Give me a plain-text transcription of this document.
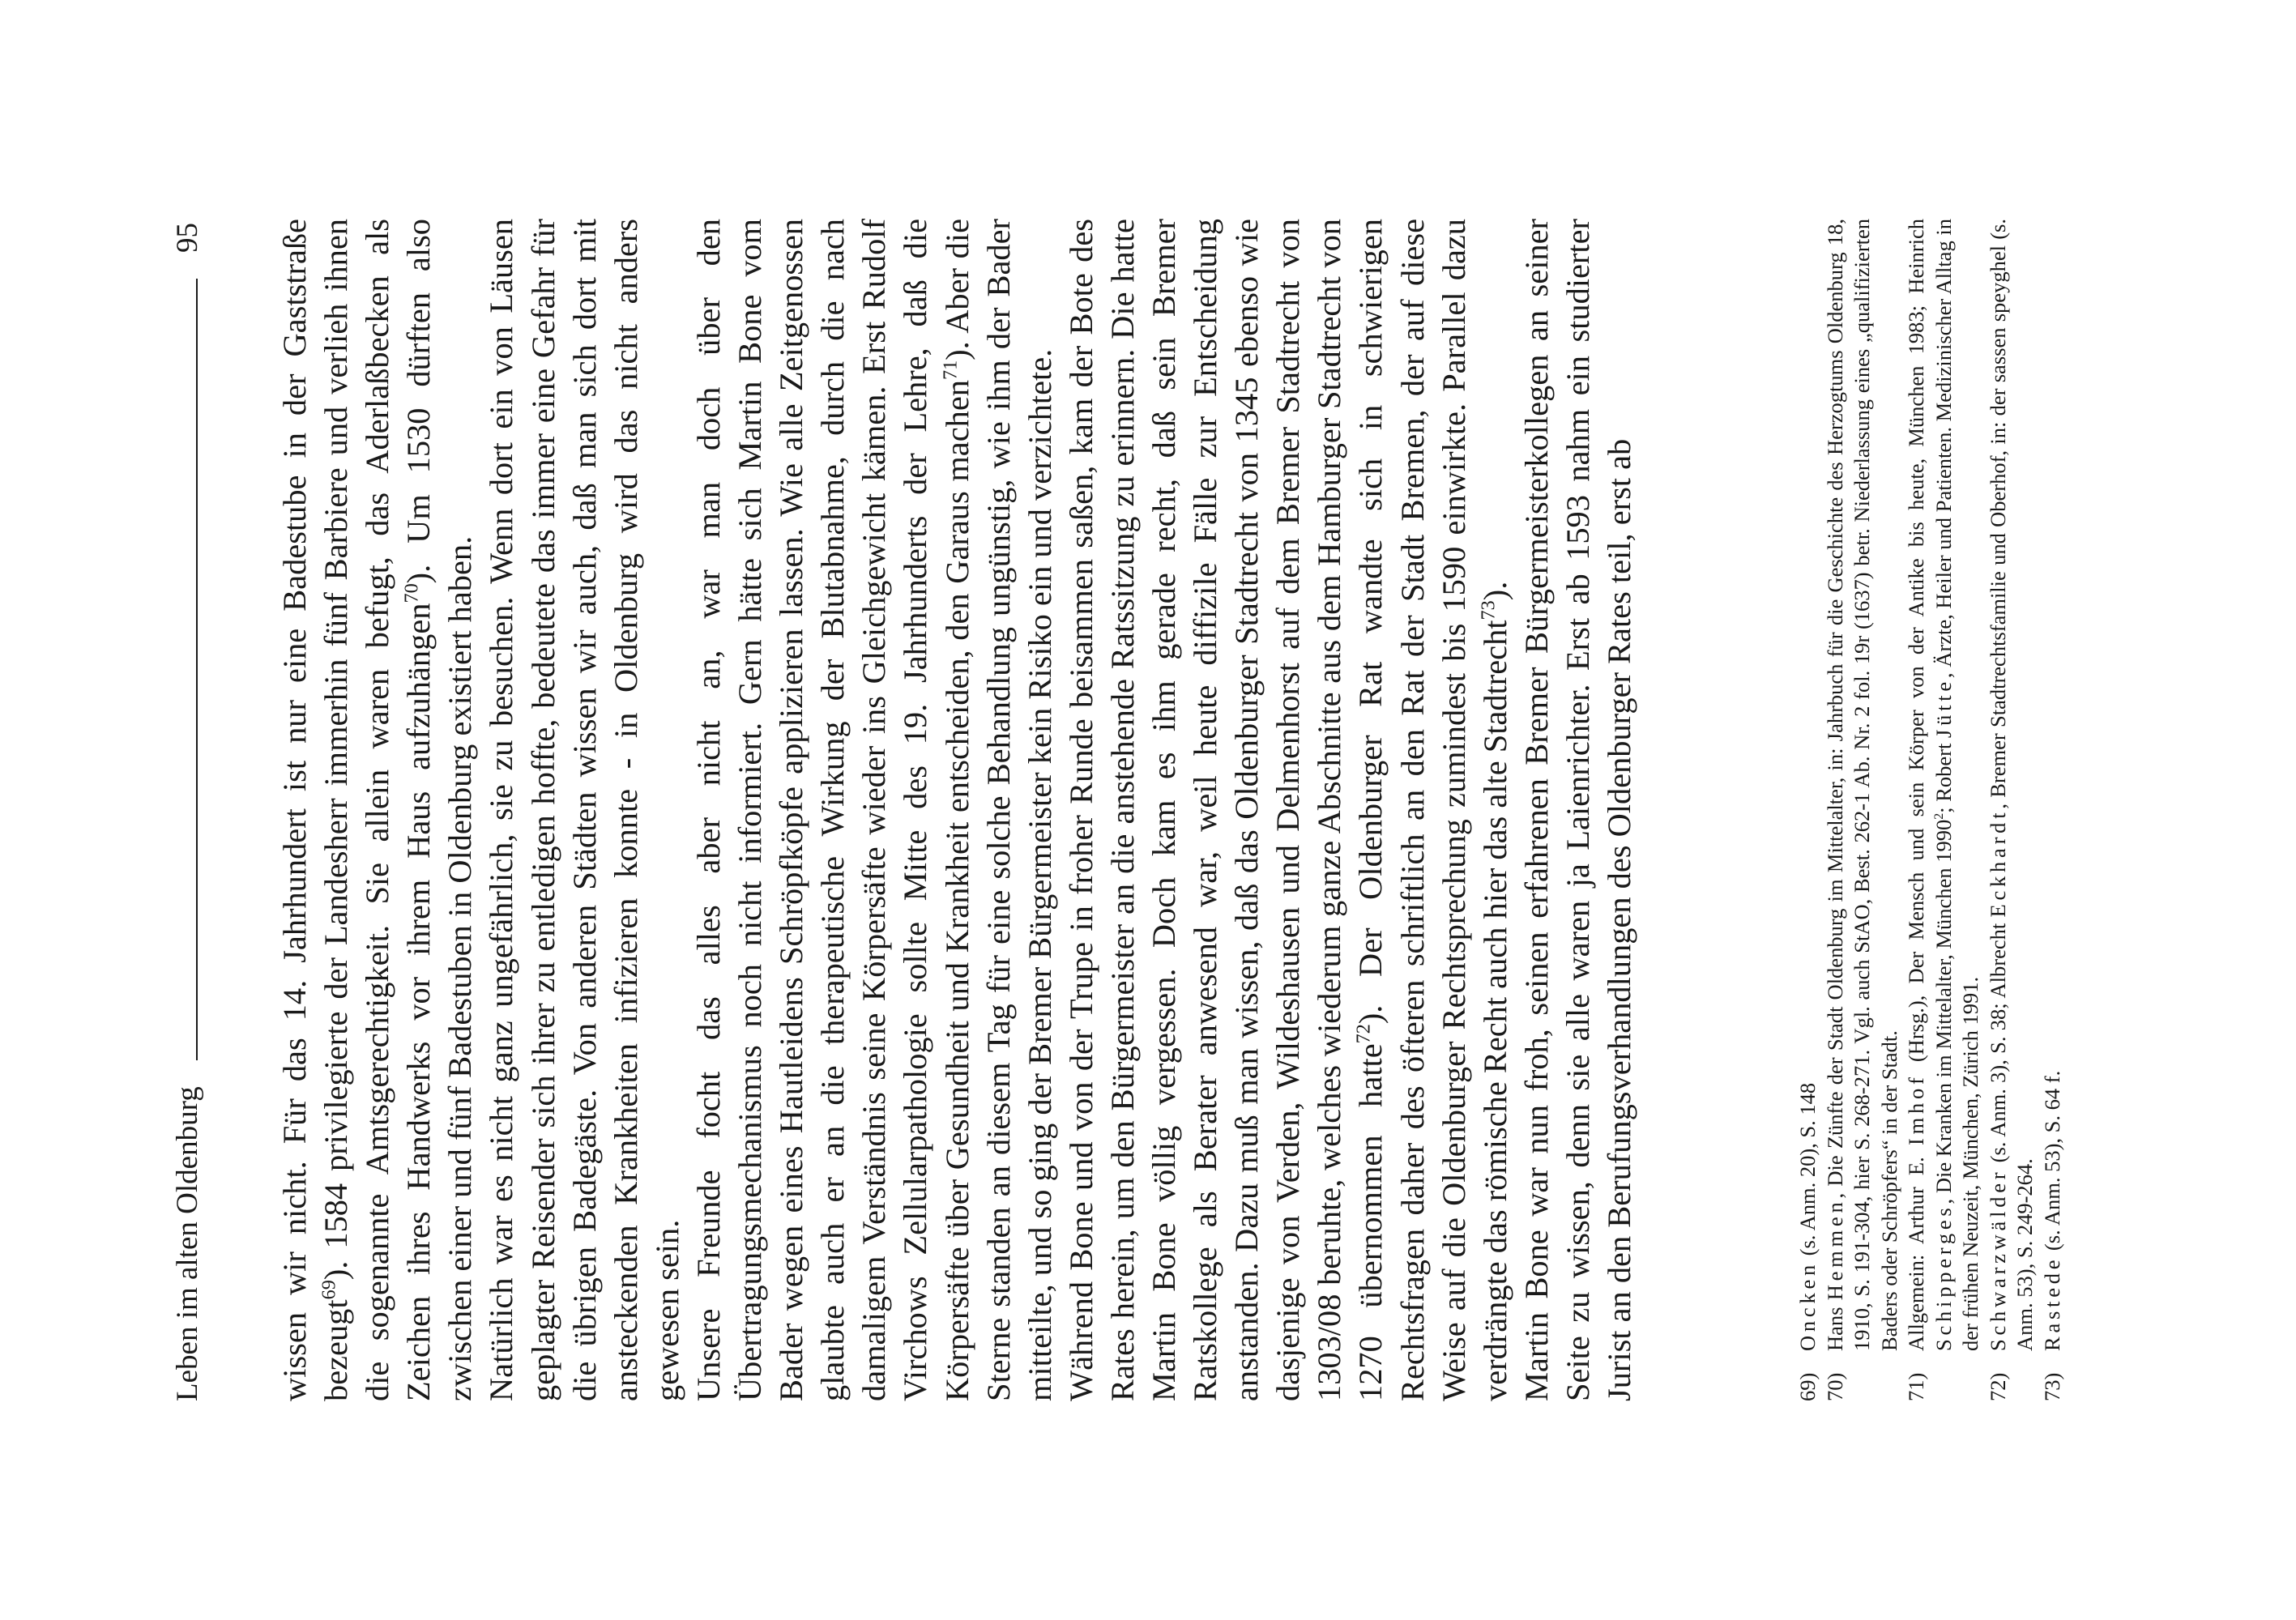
Leben im alten Oldenburg
95 wissen wir nicht. Für das 14. Jahrhundert ist nur eine Badestube in der Gaststraße bezeugt$^{69}$). 1584 privilegierte der Landesherr immerhin fünf Barbiere und verlieh ihnen die sogenannte Amtsgerechtigkeit. Sie allein waren befugt, das Aderlaßbecken als Zeichen ihres Handwerks vor ihrem Haus aufzuhängen$^{70}$). Um 1530 dürften also zwischen einer und fünf Badestuben in Oldenburg existiert haben. Natürlich war es nicht ganz ungefährlich, sie zu besuchen. Wenn dort ein von Läusen geplagter Reisender sich ihrer zu entledigen hoffte, bedeutete das immer eine Gefahr für die übrigen Badegäste. Von anderen Städten wissen wir auch, daß man sich dort mit ansteckenden Krankheiten infizieren konnte - in Oldenburg wird das nicht anders gewesen sein. Unsere Freunde focht das alles aber nicht an, war man doch über den Übertragungsmechanismus noch nicht informiert. Gern hätte sich Martin Bone vom Bader wegen eines Hautleidens Schröpfköpfe applizieren lassen. Wie alle Zeitgenossen glaubte auch er an die therapeutische Wirkung der Blutabnahme, durch die nach damaligem Verständnis seine Körpersäfte wieder ins Gleichgewicht kämen. Erst Rudolf Virchows Zellularpathologie sollte Mitte des 19. Jahrhunderts der Lehre, daß die Körpersäfte über Gesundheit und Krankheit entscheiden, den Garaus machen$^{71}$). Aber die Sterne standen an diesem Tag für eine solche Behandlung ungünstig, wie ihm der Bader mitteilte, und so ging der Bremer Bürgermeister kein Risiko ein und verzichtete. Während Bone und von der Trupe in froher Runde beisammen saßen, kam der Bote des Rates herein, um den Bürgermeister an die anstehende Ratssitzung zu erinnern. Die hatte Martin Bone völlig vergessen. Doch kam es ihm gerade recht, daß sein Bremer Ratskollege als Berater anwesend war, weil heute diffizile Fälle zur Entscheidung anstanden. Dazu muß man wissen, daß das Oldenburger Stadtrecht von 1345 ebenso wie dasjenige von Verden, Wildeshausen und Delmenhorst auf dem Bremer Stadtrecht von 1303/08 beruhte, welches wiederum ganze Abschnitte aus dem Hamburger Stadtrecht von 1270 übernommen hatte$^{72}$). Der Oldenburger Rat wandte sich in schwierigen Rechtsfragen daher des öfteren schriftlich an den Rat der Stadt Bremen, der auf diese Weise auf die Oldenburger Rechtsprechung zumindest bis 1590 einwirkte. Parallel dazu verdrängte das römische Recht auch hier das alte Stadtrecht$^{73}$). Martin Bone war nun froh, seinen erfahrenen Bremer Bürgermeisterkollegen an seiner Seite zu wissen, denn sie alle waren ja Laienrichter. Erst ab 1593 nahm ein studierter Jurist an den Berufungsverhandlungen des Oldenburger Rates teil, erst ab	69)
Oncken (s. Anm. 20), S. 148
70)
Hans Hemmen, Die Zünfte der Stadt Oldenburg im Mittelalter, in: Jahrbuch für die Geschichte des Herzogtums Oldenburg 18, 1910, S. 191-304, hier S. 268-271. Vgl. auch StAO, Best. 262-1 Ab. Nr. 2 fol. 19r (1637) betr. Niederlassung eines „qualifizierten Baders oder Schröpfers“ in der Stadt.
71)
Allgemein: Arthur E. Imhof (Hrsg.), Der Mensch und sein Körper von der Antike bis heute, München 1983; Heinrich Schipperges, Die Kranken im Mittelalter, München 1990$^2$; Robert Jütte, Ärzte, Heiler und Patienten. Medizinischer Alltag in der frühen Neuzeit, München, Zürich 1991.
72)
Schwarzwälder (s. Anm. 3), S. 38; Albrecht Eckhardt, Bremer Stadtrechtsfamilie und Oberhof, in: der sassen speyghel (s. Anm. 53), S. 249-264.
73)
Rastede (s. Anm. 53), S. 64 f.
